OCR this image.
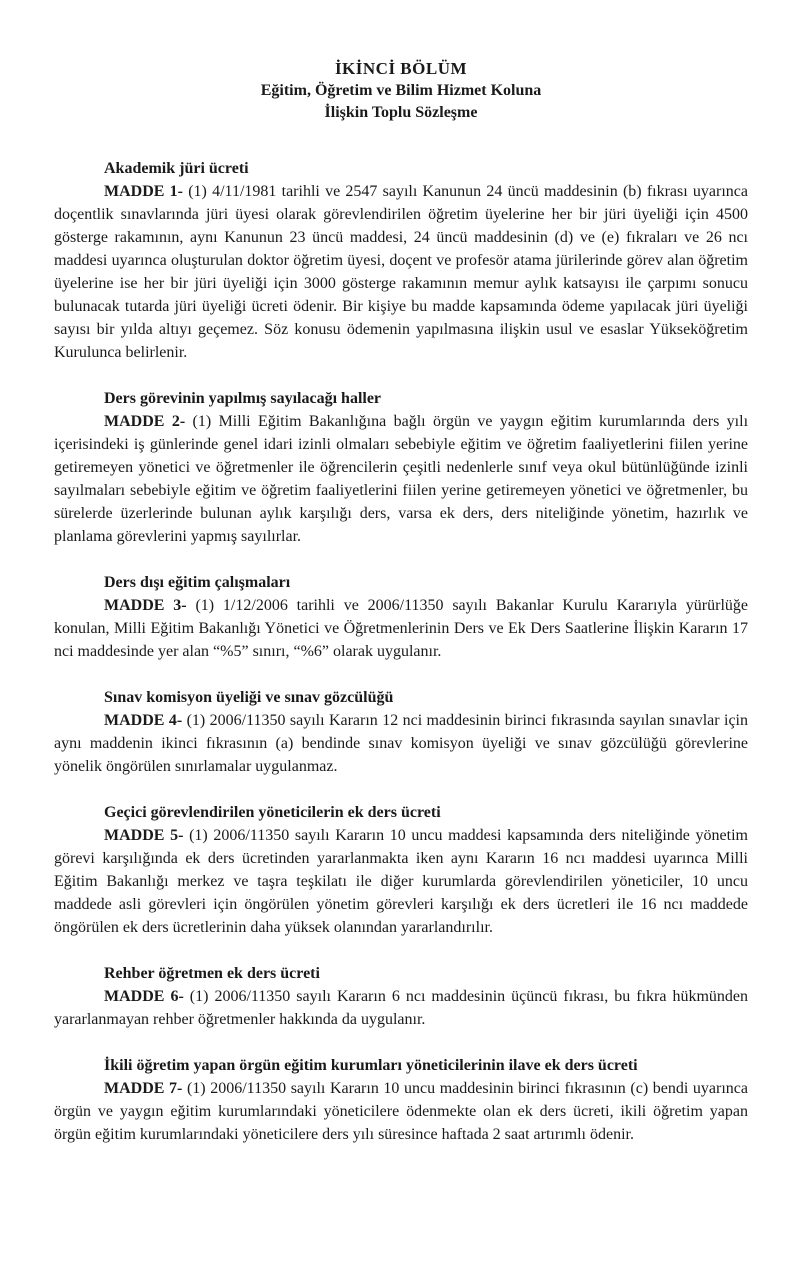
İKİNCİ BÖLÜM
Eğitim, Öğretim ve Bilim Hizmet Koluna
İlişkin Toplu Sözleşme

Akademik jüri ücreti

MADDE 1- (1) 4/11/1981 tarihli ve 2547 sayılı Kanunun 24 üncü maddesinin (b) fıkrası uyarınca doçentlik sınavlarında jüri üyesi olarak görevlendirilen öğretim üyelerine her bir jüri üyeliği için 4500 gösterge rakamının, aynı Kanunun 23 üncü maddesi, 24 üncü maddesinin (d) ve (e) fıkraları ve 26 ncı maddesi uyarınca oluşturulan doktor öğretim üyesi, doçent ve profesör atama jürilerinde görev alan öğretim üyelerine ise her bir jüri üyeliği için 3000 gösterge rakamının memur aylık katsayısı ile çarpımı sonucu bulunacak tutarda jüri üyeliği ücreti ödenir. Bir kişiye bu madde kapsamında ödeme yapılacak jüri üyeliği sayısı bir yılda altıyı geçemez. Söz konusu ödemenin yapılmasına ilişkin usul ve esaslar Yükseköğretim Kurulunca belirlenir.

Ders görevinin yapılmış sayılacağı haller

MADDE 2- (1) Milli Eğitim Bakanlığına bağlı örgün ve yaygın eğitim kurumlarında ders yılı içerisindeki iş günlerinde genel idari izinli olmaları sebebiyle eğitim ve öğretim faaliyetlerini fiilen yerine getiremeyen yönetici ve öğretmenler ile öğrencilerin çeşitli nedenlerle sınıf veya okul bütünlüğünde izinli sayılmaları sebebiyle eğitim ve öğretim faaliyetlerini fiilen yerine getiremeyen yönetici ve öğretmenler, bu sürelerde üzerlerinde bulunan aylık karşılığı ders, varsa ek ders, ders niteliğinde yönetim, hazırlık ve planlama görevlerini yapmış sayılırlar.

Ders dışı eğitim çalışmaları

MADDE 3- (1) 1/12/2006 tarihli ve 2006/11350 sayılı Bakanlar Kurulu Kararıyla yürürlüğe konulan, Milli Eğitim Bakanlığı Yönetici ve Öğretmenlerinin Ders ve Ek Ders Saatlerine İlişkin Kararın 17 nci maddesinde yer alan “%5” sınırı, “%6” olarak uygulanır.

Sınav komisyon üyeliği ve sınav gözcülüğü

MADDE 4- (1) 2006/11350 sayılı Kararın 12 nci maddesinin birinci fıkrasında sayılan sınavlar için aynı maddenin ikinci fıkrasının (a) bendinde sınav komisyon üyeliği ve sınav gözcülüğü görevlerine yönelik öngörülen sınırlamalar uygulanmaz.

Geçici görevlendirilen yöneticilerin ek ders ücreti

MADDE 5- (1) 2006/11350 sayılı Kararın 10 uncu maddesi kapsamında ders niteliğinde yönetim görevi karşılığında ek ders ücretinden yararlanmakta iken aynı Kararın 16 ncı maddesi uyarınca Milli Eğitim Bakanlığı merkez ve taşra teşkilatı ile diğer kurumlarda görevlendirilen yöneticiler, 10 uncu maddede asli görevleri için öngörülen yönetim görevleri karşılığı ek ders ücretleri ile 16 ncı maddede öngörülen ek ders ücretlerinin daha yüksek olanından yararlandırılır.

Rehber öğretmen ek ders ücreti

MADDE 6- (1) 2006/11350 sayılı Kararın 6 ncı maddesinin üçüncü fıkrası, bu fıkra hükmünden yararlanmayan rehber öğretmenler hakkında da uygulanır.

İkili öğretim yapan örgün eğitim kurumları yöneticilerinin ilave ek ders ücreti

MADDE 7- (1) 2006/11350 sayılı Kararın 10 uncu maddesinin birinci fıkrasının (c) bendi uyarınca örgün ve yaygın eğitim kurumlarındaki yöneticilere ödenmekte olan ek ders ücreti, ikili öğretim yapan örgün eğitim kurumlarındaki yöneticilere ders yılı süresince haftada 2 saat artırımlı ödenir.
